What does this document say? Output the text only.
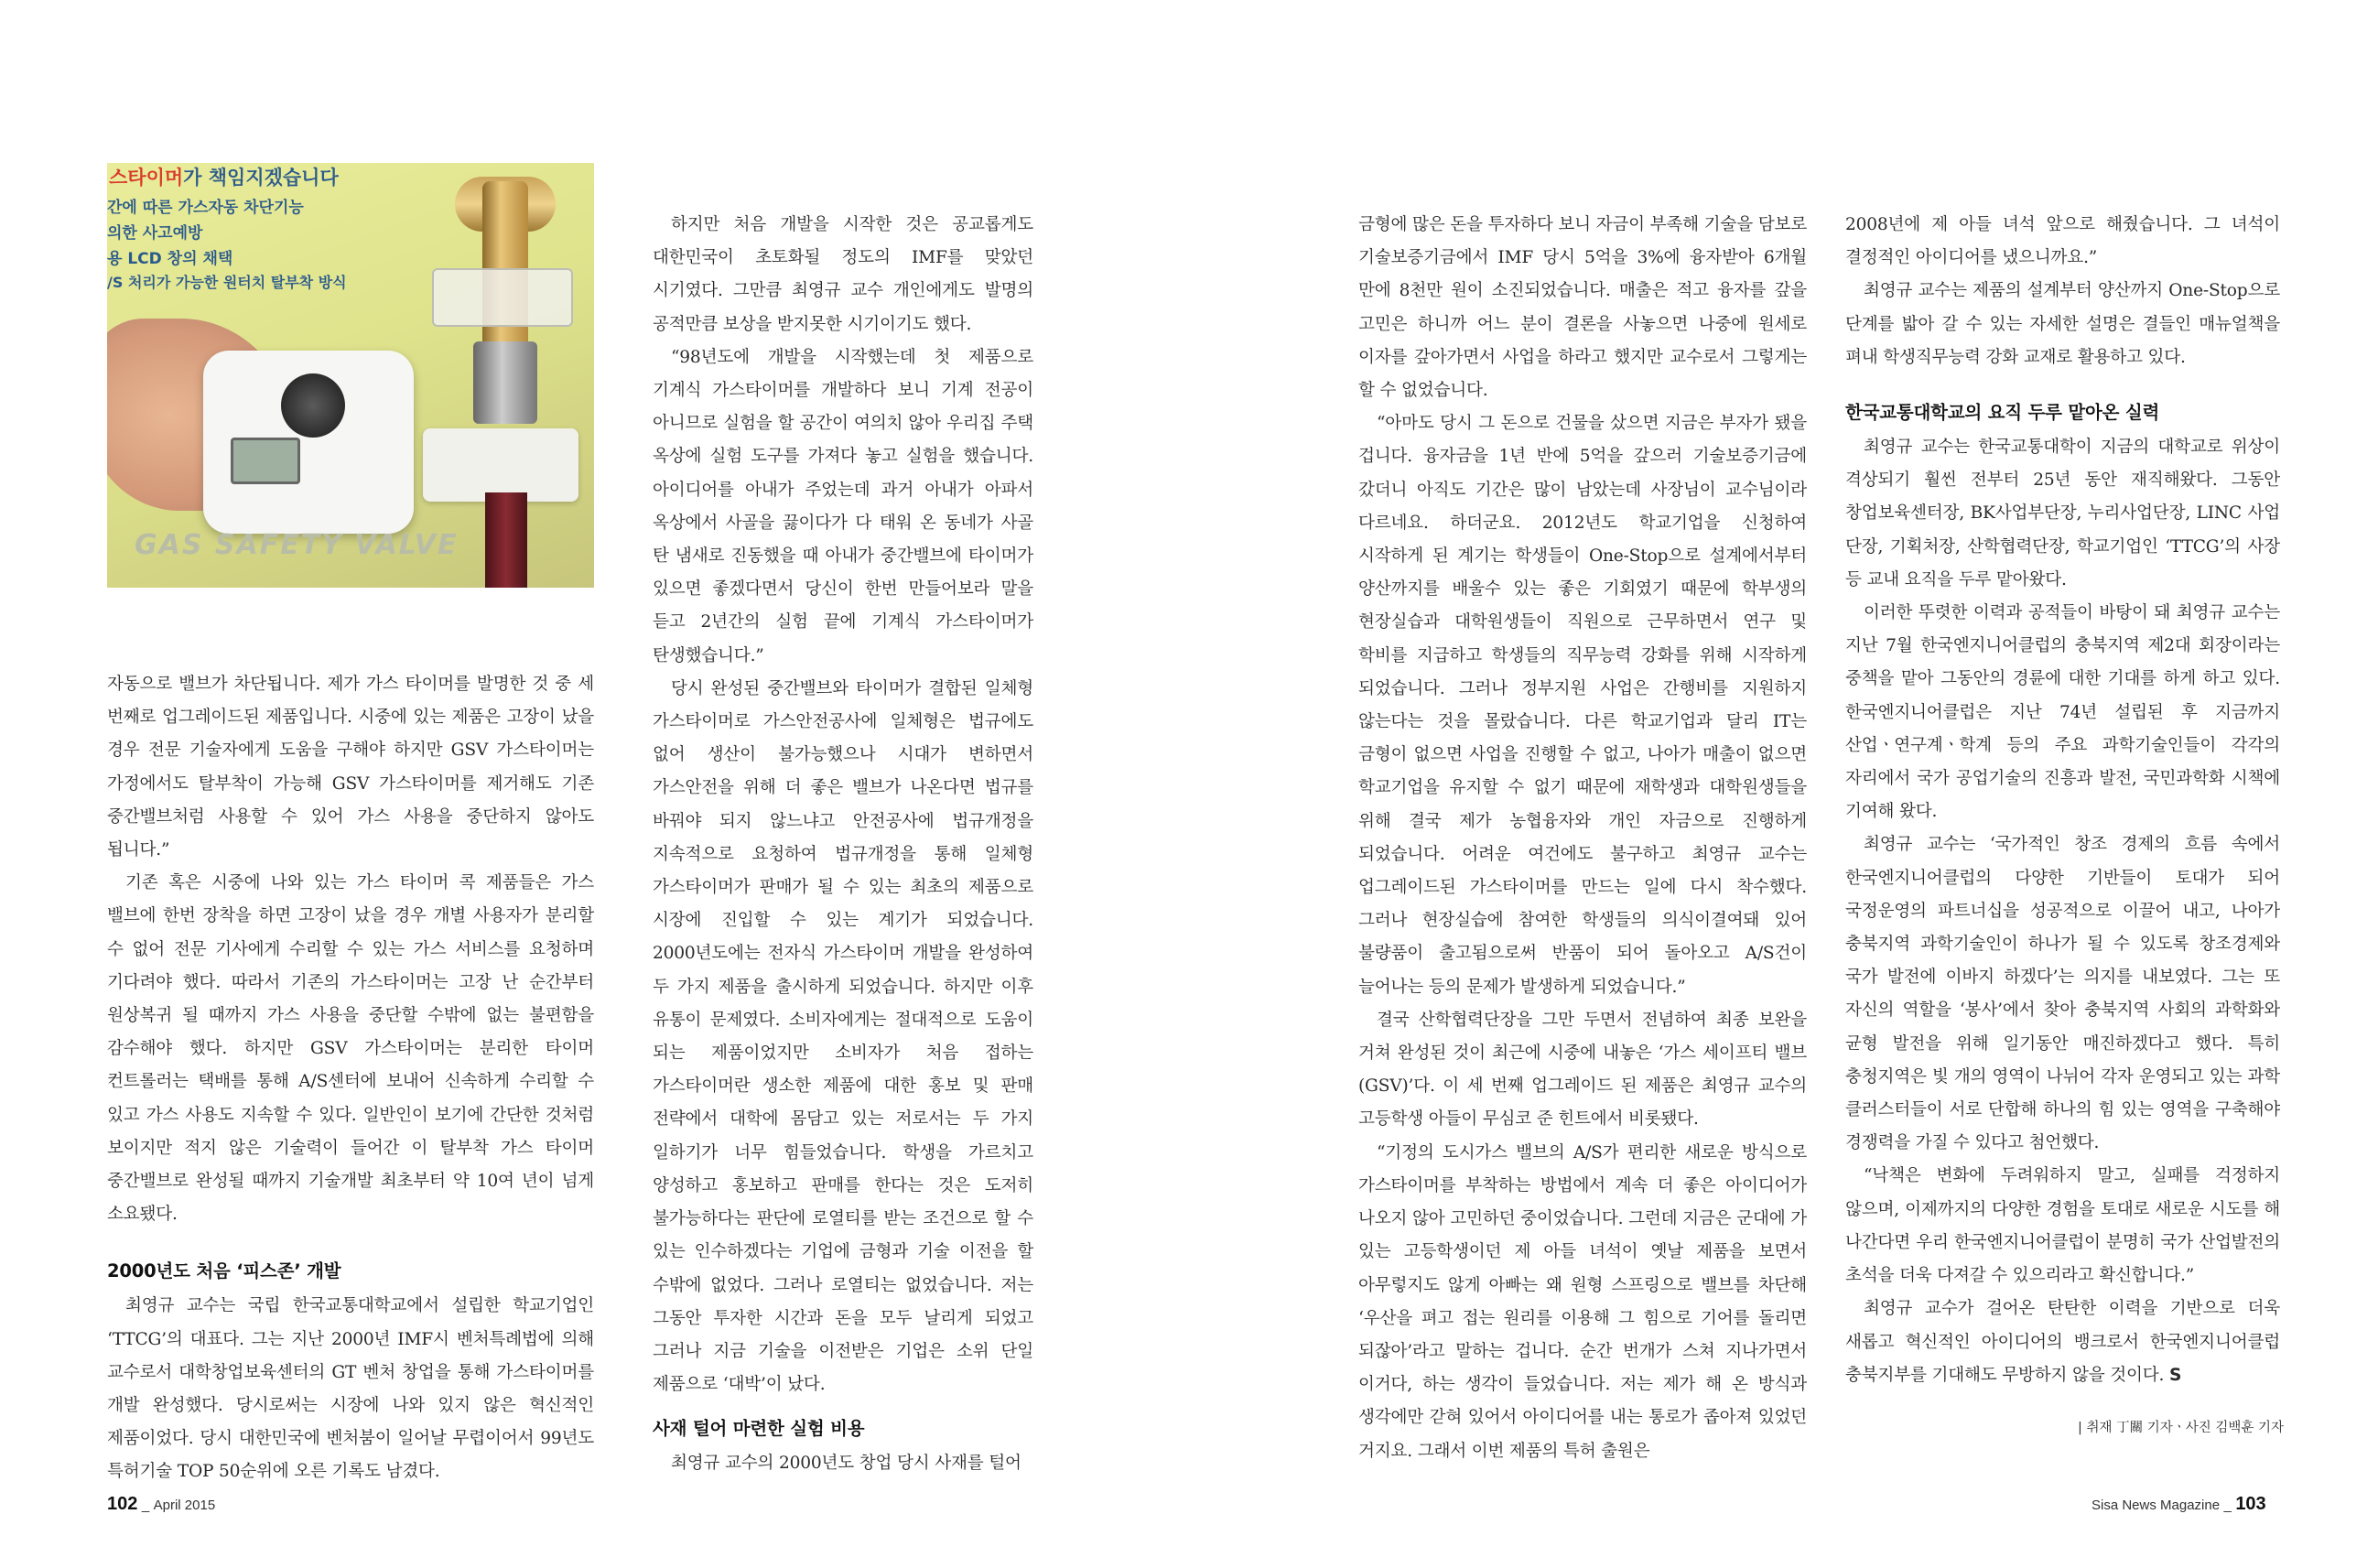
스타이머가 책임지겠습니다
간에 따른 가스자동 차단기능
의한 사고예방
용 LCD 창의 채택
/S 처리가 가능한 원터치 탈부착 방식
GAS SAFETY VALVE

자동으로 밸브가 차단됩니다. 제가 가스 타이머를 발명한 것 중 세 번째로 업그레이드된 제품입니다. 시중에 있는 제품은 고장이 났을 경우 전문 기술자에게 도움을 구해야 하지만 GSV 가스타이머는 가정에서도 탈부착이 가능해 GSV 가스타이머를 제거해도 기존 중간밸브처럼 사용할 수 있어 가스 사용을 중단하지 않아도 됩니다.”

기존 혹은 시중에 나와 있는 가스 타이머 콕 제품들은 가스 밸브에 한번 장착을 하면 고장이 났을 경우 개별 사용자가 분리할 수 없어 전문 기사에게 수리할 수 있는 가스 서비스를 요청하며 기다려야 했다. 따라서 기존의 가스타이머는 고장 난 순간부터 원상복귀 될 때까지 가스 사용을 중단할 수밖에 없는 불편함을 감수해야 했다. 하지만 GSV 가스타이머는 분리한 타이머 컨트롤러는 택배를 통해 A/S센터에 보내어 신속하게 수리할 수 있고 가스 사용도 지속할 수 있다. 일반인이 보기에 간단한 것처럼 보이지만 적지 않은 기술력이 들어간 이 탈부착 가스 타이머 중간밸브로 완성될 때까지 기술개발 최초부터 약 10여 년이 넘게 소요됐다.

2000년도 처음 ‘피스존’ 개발

최영규 교수는 국립 한국교통대학교에서 설립한 학교기업인 ‘TTCG’의 대표다. 그는 지난 2000년 IMF시 벤처특례법에 의해 교수로서 대학창업보육센터의 GT 벤처 창업을 통해 가스타이머를 개발 완성했다. 당시로써는 시장에 나와 있지 않은 혁신적인 제품이었다. 당시 대한민국에 벤처붐이 일어날 무렵이어서 99년도 특허기술 TOP 50순위에 오른 기록도 남겼다.

하지만 처음 개발을 시작한 것은 공교롭게도 대한민국이 초토화될 정도의 IMF를 맞았던 시기였다. 그만큼 최영규 교수 개인에게도 발명의 공적만큼 보상을 받지못한 시기이기도 했다.

“98년도에 개발을 시작했는데 첫 제품으로 기계식 가스타이머를 개발하다 보니 기계 전공이 아니므로 실험을 할 공간이 여의치 않아 우리집 주택 옥상에 실험 도구를 가져다 놓고 실험을 했습니다. 아이디어를 아내가 주었는데 과거 아내가 아파서 옥상에서 사골을 끓이다가 다 태워 온 동네가 사골 탄 냄새로 진동했을 때 아내가 중간밸브에 타이머가 있으면 좋겠다면서 당신이 한번 만들어보라 말을 듣고 2년간의 실험 끝에 기계식 가스타이머가 탄생했습니다.”

당시 완성된 중간밸브와 타이머가 결합된 일체형 가스타이머로 가스안전공사에 일체형은 법규에도 없어 생산이 불가능했으나 시대가 변하면서 가스안전을 위해 더 좋은 밸브가 나온다면 법규를 바꿔야 되지 않느냐고 안전공사에 법규개정을 지속적으로 요청하여 법규개정을 통해 일체형 가스타이머가 판매가 될 수 있는 최초의 제품으로 시장에 진입할 수 있는 계기가 되었습니다. 2000년도에는 전자식 가스타이머 개발을 완성하여 두 가지 제품을 출시하게 되었습니다. 하지만 이후 유통이 문제였다. 소비자에게는 절대적으로 도움이 되는 제품이었지만 소비자가 처음 접하는 가스타이머란 생소한 제품에 대한 홍보 및 판매 전략에서 대학에 몸담고 있는 저로서는 두 가지 일하기가 너무 힘들었습니다. 학생을 가르치고 양성하고 홍보하고 판매를 한다는 것은 도저히 불가능하다는 판단에 로열티를 받는 조건으로 할 수 있는 인수하겠다는 기업에 금형과 기술 이전을 할 수밖에 없었다. 그러나 로열티는 없었습니다. 저는 그동안 투자한 시간과 돈을 모두 날리게 되었고 그러나 지금 기술을 이전받은 기업은 소위 단일 제품으로 ‘대박’이 났다.

사재 털어 마련한 실험 비용

최영규 교수의 2000년도 창업 당시 사재를 털어

금형에 많은 돈을 투자하다 보니 자금이 부족해 기술을 담보로 기술보증기금에서 IMF 당시 5억을 3%에 융자받아 6개월 만에 8천만 원이 소진되었습니다. 매출은 적고 융자를 갚을 고민은 하니까 어느 분이 결론을 사놓으면 나중에 원세로 이자를 갚아가면서 사업을 하라고 했지만 교수로서 그렇게는 할 수 없었습니다.

“아마도 당시 그 돈으로 건물을 샀으면 지금은 부자가 됐을 겁니다. 융자금을 1년 반에 5억을 갚으러 기술보증기금에 갔더니 아직도 기간은 많이 남았는데 사장님이 교수님이라 다르네요. 하더군요. 2012년도 학교기업을 신청하여 시작하게 된 계기는 학생들이 One-Stop으로 설계에서부터 양산까지를 배울수 있는 좋은 기회였기 때문에 학부생의 현장실습과 대학원생들이 직원으로 근무하면서 연구 및 학비를 지급하고 학생들의 직무능력 강화를 위해 시작하게 되었습니다. 그러나 정부지원 사업은 간행비를 지원하지 않는다는 것을 몰랐습니다. 다른 학교기업과 달리 IT는 금형이 없으면 사업을 진행할 수 없고, 나아가 매출이 없으면 학교기업을 유지할 수 없기 때문에 재학생과 대학원생들을 위해 결국 제가 농협융자와 개인 자금으로 진행하게 되었습니다. 어려운 여건에도 불구하고 최영규 교수는 업그레이드된 가스타이머를 만드는 일에 다시 착수했다. 그러나 현장실습에 참여한 학생들의 의식이결여돼 있어 불량품이 출고됨으로써 반품이 되어 돌아오고 A/S건이 늘어나는 등의 문제가 발생하게 되었습니다.”

결국 산학협력단장을 그만 두면서 전념하여 최종 보완을 거쳐 완성된 것이 최근에 시중에 내놓은 ‘가스 세이프티 밸브(GSV)’다. 이 세 번째 업그레이드 된 제품은 최영규 교수의 고등학생 아들이 무심코 준 힌트에서 비롯됐다.

“기정의 도시가스 밸브의 A/S가 편리한 새로운 방식으로 가스타이머를 부착하는 방법에서 계속 더 좋은 아이디어가 나오지 않아 고민하던 중이었습니다. 그런데 지금은 군대에 가 있는 고등학생이던 제 아들 녀석이 옛날 제품을 보면서 아무렇지도 않게 아빠는 왜 원형 스프링으로 밸브를 차단해 ‘우산을 펴고 접는 원리를 이용해 그 힘으로 기어를 돌리면 되잖아’라고 말하는 겁니다. 순간 번개가 스쳐 지나가면서 이거다, 하는 생각이 들었습니다. 저는 제가 해 온 방식과 생각에만 갇혀 있어서 아이디어를 내는 통로가 좁아져 있었던 거지요. 그래서 이번 제품의 특허 출원은

2008년에 제 아들 녀석 앞으로 해줬습니다. 그 녀석이 결정적인 아이디어를 냈으니까요.”

최영규 교수는 제품의 설계부터 양산까지 One-Stop으로 단계를 밟아 갈 수 있는 자세한 설명은 결들인 매뉴얼책을 펴내 학생직무능력 강화 교재로 활용하고 있다.

한국교통대학교의 요직 두루 맡아온 실력

최영규 교수는 한국교통대학이 지금의 대학교로 위상이 격상되기 훨씬 전부터 25년 동안 재직해왔다. 그동안 창업보육센터장, BK사업부단장, 누리사업단장, LINC 사업 단장, 기획처장, 산학협력단장, 학교기업인 ‘TTCG’의 사장 등 교내 요직을 두루 맡아왔다.

이러한 뚜렷한 이력과 공적들이 바탕이 돼 최영규 교수는 지난 7월 한국엔지니어클럽의 충북지역 제2대 회장이라는 중책을 맡아 그동안의 경륜에 대한 기대를 하게 하고 있다. 한국엔지니어클럽은 지난 74년 설립된 후 지금까지 산업ㆍ연구계ㆍ학계 등의 주요 과학기술인들이 각각의 자리에서 국가 공업기술의 진흥과 발전, 국민과학화 시책에 기여해 왔다.

최영규 교수는 ‘국가적인 창조 경제의 흐름 속에서 한국엔지니어클럽의 다양한 기반들이 토대가 되어 국정운영의 파트너십을 성공적으로 이끌어 내고, 나아가 충북지역 과학기술인이 하나가 될 수 있도록 창조경제와 국가 발전에 이바지 하겠다’는 의지를 내보였다. 그는 또 자신의 역할을 ‘봉사’에서 찾아 충북지역 사회의 과학화와 균형 발전을 위해 일기동안 매진하겠다고 했다. 특히 충청지역은 빛 개의 영역이 나뉘어 각자 운영되고 있는 과학 클러스터들이 서로 단합해 하나의 힘 있는 영역을 구축해야 경쟁력을 가질 수 있다고 첨언했다.

“낙책은 변화에 두려워하지 말고, 실패를 걱정하지 않으며, 이제까지의 다양한 경험을 토대로 새로운 시도를 해 나간다면 우리 한국엔지니어클럽이 분명히 국가 산업발전의 초석을 더욱 다져갈 수 있으리라고 확신합니다.”

최영규 교수가 걸어온 탄탄한 이력을 기반으로 더욱 새롭고 혁신적인 아이디어의 뱅크로서 한국엔지니어클럽 충북지부를 기대해도 무방하지 않을 것이다. S

| 취재 丁關 기자ㆍ사진 김백훈 기자
102 _ April 2015	Sisa News Magazine _ 103
